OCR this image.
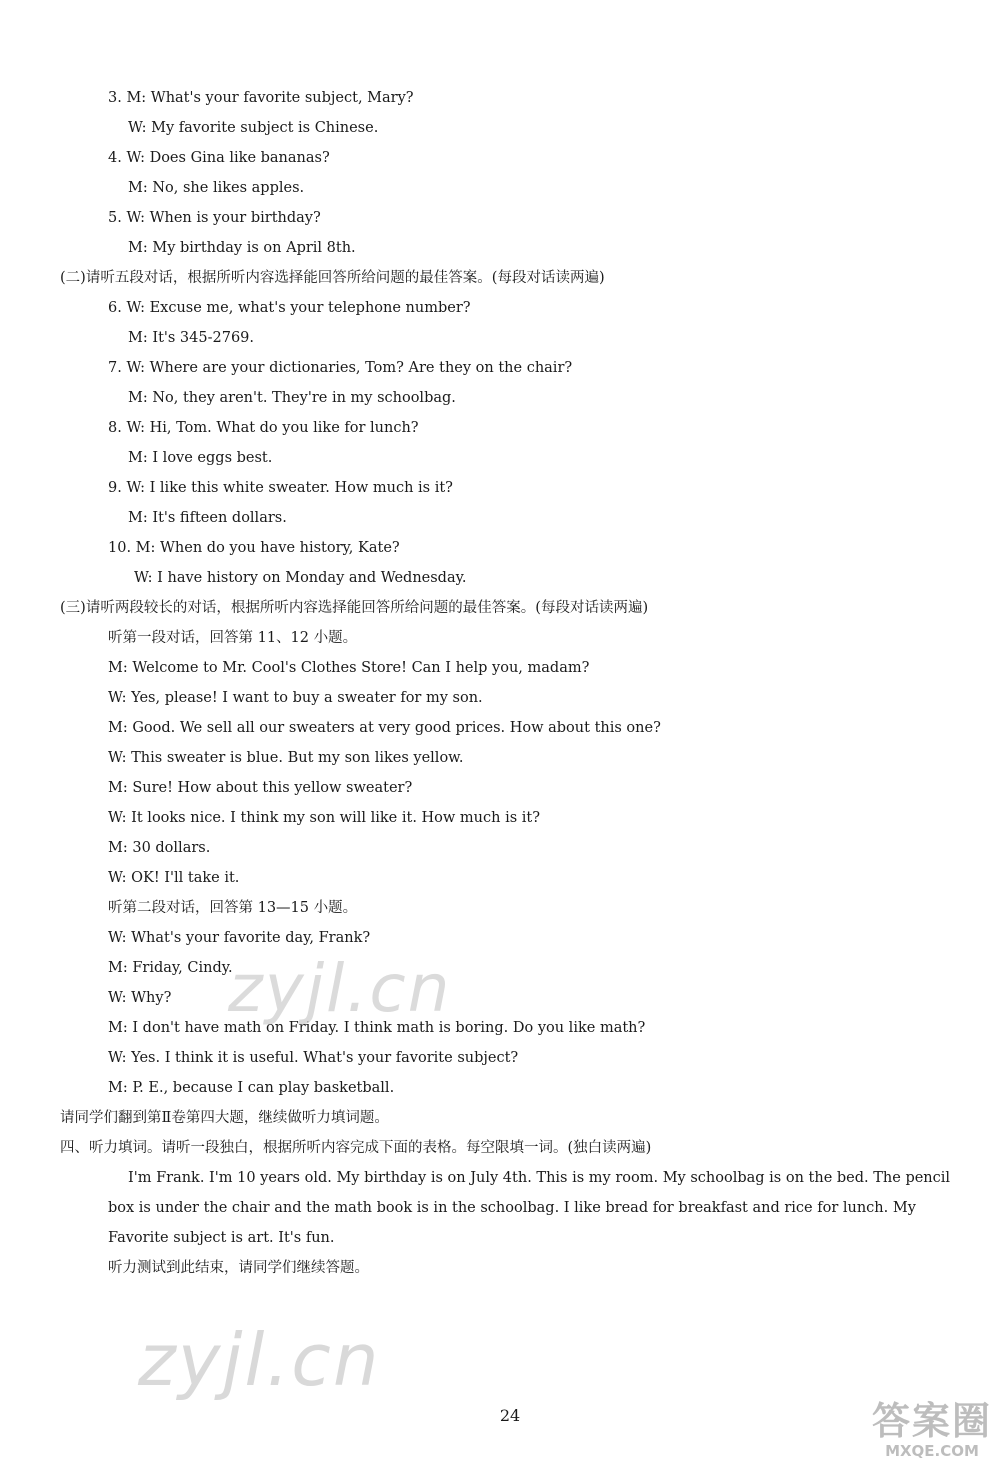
3. M: What's your favorite subject, Mary?
W: My favorite subject is Chinese.
4. W: Does Gina like bananas?
M: No, she likes apples.
5. W: When is your birthday?
M: My birthday is on April 8th.
(二)请听五段对话，根据所听内容选择能回答所给问题的最佳答案。(每段对话读两遍)
6. W: Excuse me, what's your telephone number?
M: It's 345-2769.
7. W: Where are your dictionaries, Tom? Are they on the chair?
M: No, they aren't. They're in my schoolbag.
8. W: Hi, Tom. What do you like for lunch?
M: I love eggs best.
9. W: I like this white sweater. How much is it?
M: It's fifteen dollars.
10. M: When do you have history, Kate?
W: I have history on Monday and Wednesday.
(三)请听两段较长的对话，根据所听内容选择能回答所给问题的最佳答案。(每段对话读两遍)
听第一段对话，回答第 11、12 小题。
M: Welcome to Mr. Cool's Clothes Store! Can I help you, madam?
W: Yes, please! I want to buy a sweater for my son.
M: Good. We sell all our sweaters at very good prices. How about this one?
W: This sweater is blue. But my son likes yellow.
M: Sure! How about this yellow sweater?
W: It looks nice. I think my son will like it. How much is it?
M: 30 dollars.
W: OK! I'll take it.
听第二段对话，回答第 13—15 小题。
W: What's your favorite day, Frank?
M: Friday, Cindy.
W: Why?
M: I don't have math on Friday. I think math is boring. Do you like math?
W: Yes. I think it is useful. What's your favorite subject?
M: P. E., because I can play basketball.
请同学们翻到第Ⅱ卷第四大题，继续做听力填词题。
四、听力填词。请听一段独白，根据所听内容完成下面的表格。每空限填一词。(独白读两遍)
I'm Frank. I'm 10 years old. My birthday is on July 4th. This is my room. My schoolbag is on the bed. The pencil box is under the chair and the math book is in the schoolbag. I like bread for breakfast and rice for lunch. My Favorite subject is art. It's fun.
听力测试到此结束，请同学们继续答题。
24
zyjl.cn
zyjl.cn
答案圈
MXQE.COM
